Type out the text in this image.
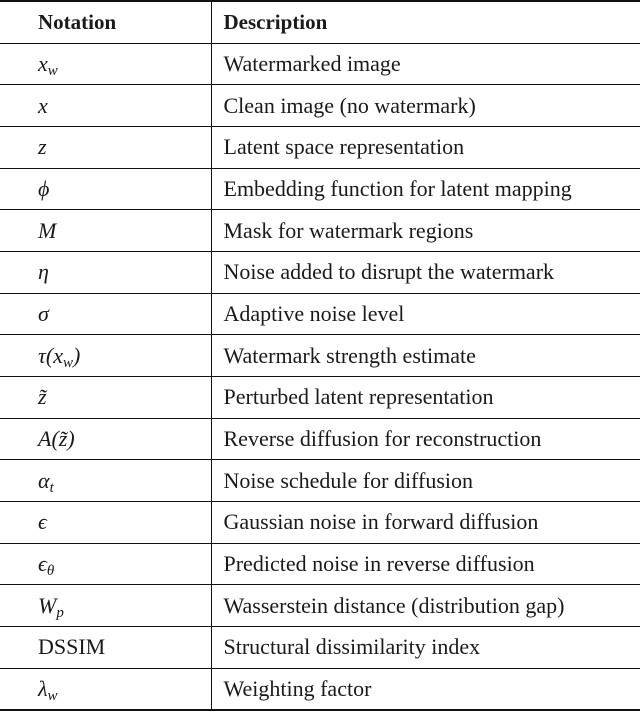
Notation	Description
$x_w$	Watermarked image
x	Clean image (no watermark)
z	Latent space representation
ϕ	Embedding function for latent mapping
M	Mask for watermark regions
η	Noise added to disrupt the watermark
σ	Adaptive noise level
$\tau(x_w)$	Watermark strength estimate
z̃	Perturbed latent representation
A(z̃)	Reverse diffusion for reconstruction
$\alpha_t$	Noise schedule for diffusion
ϵ	Gaussian noise in forward diffusion
$\epsilon_\theta$	Predicted noise in reverse diffusion
$W_p$	Wasserstein distance (distribution gap)
DSSIM	Structural dissimilarity index
$\lambda_w$	Weighting factor
